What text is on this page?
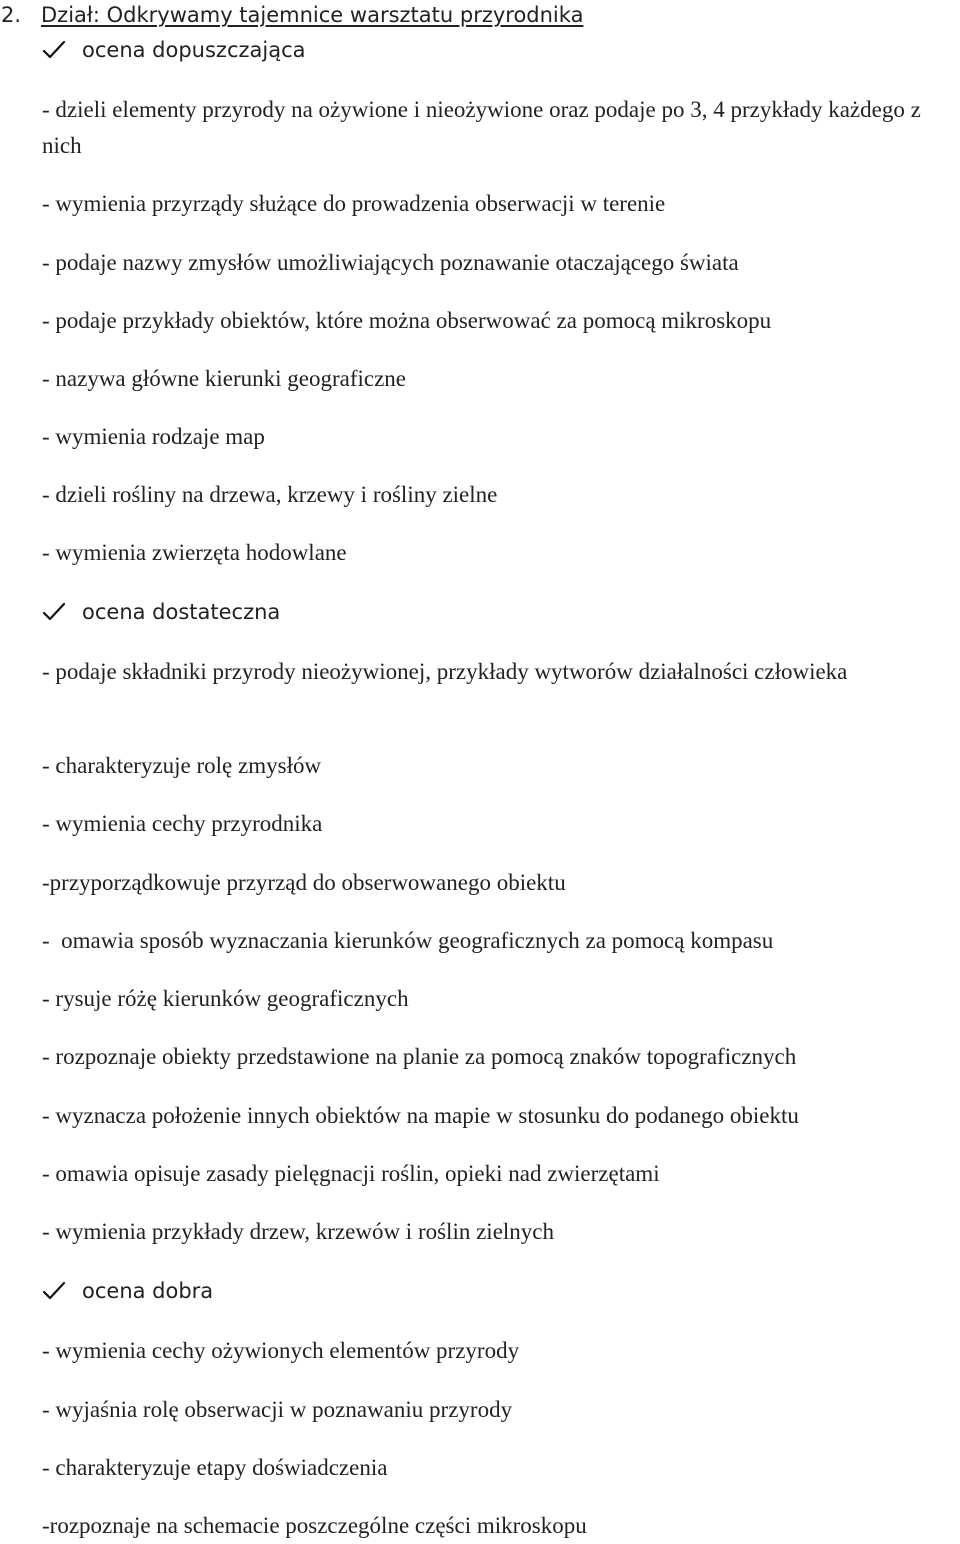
2. Dział: Odkrywamy tajemnice warsztatu przyrodnika
ocena dopuszczająca
- dzieli elementy przyrody na ożywione i nieożywione oraz podaje po 3, 4 przykłady każdego z nich
- wymienia przyrządy służące do prowadzenia obserwacji w terenie
- podaje nazwy zmysłów umożliwiających poznawanie otaczającego świata
- podaje przykłady obiektów, które można obserwować za pomocą mikroskopu
- nazywa główne kierunki geograficzne
- wymienia rodzaje map
- dzieli rośliny na drzewa, krzewy i rośliny zielne
- wymienia zwierzęta hodowlane
ocena dostateczna
- podaje składniki przyrody nieożywionej, przykłady wytworów działalności człowieka
- charakteryzuje rolę zmysłów
- wymienia cechy przyrodnika
-przyporządkowuje przyrząd do obserwowanego obiektu
-  omawia sposób wyznaczania kierunków geograficznych za pomocą kompasu
- rysuje różę kierunków geograficznych
- rozpoznaje obiekty przedstawione na planie za pomocą znaków topograficznych
- wyznacza położenie innych obiektów na mapie w stosunku do podanego obiektu
- omawia opisuje zasady pielęgnacji roślin, opieki nad zwierzętami
- wymienia przykłady drzew, krzewów i roślin zielnych
ocena dobra
- wymienia cechy ożywionych elementów przyrody
- wyjaśnia rolę obserwacji w poznawaniu przyrody
- charakteryzuje etapy doświadczenia
-rozpoznaje na schemacie poszczególne części mikroskopu
